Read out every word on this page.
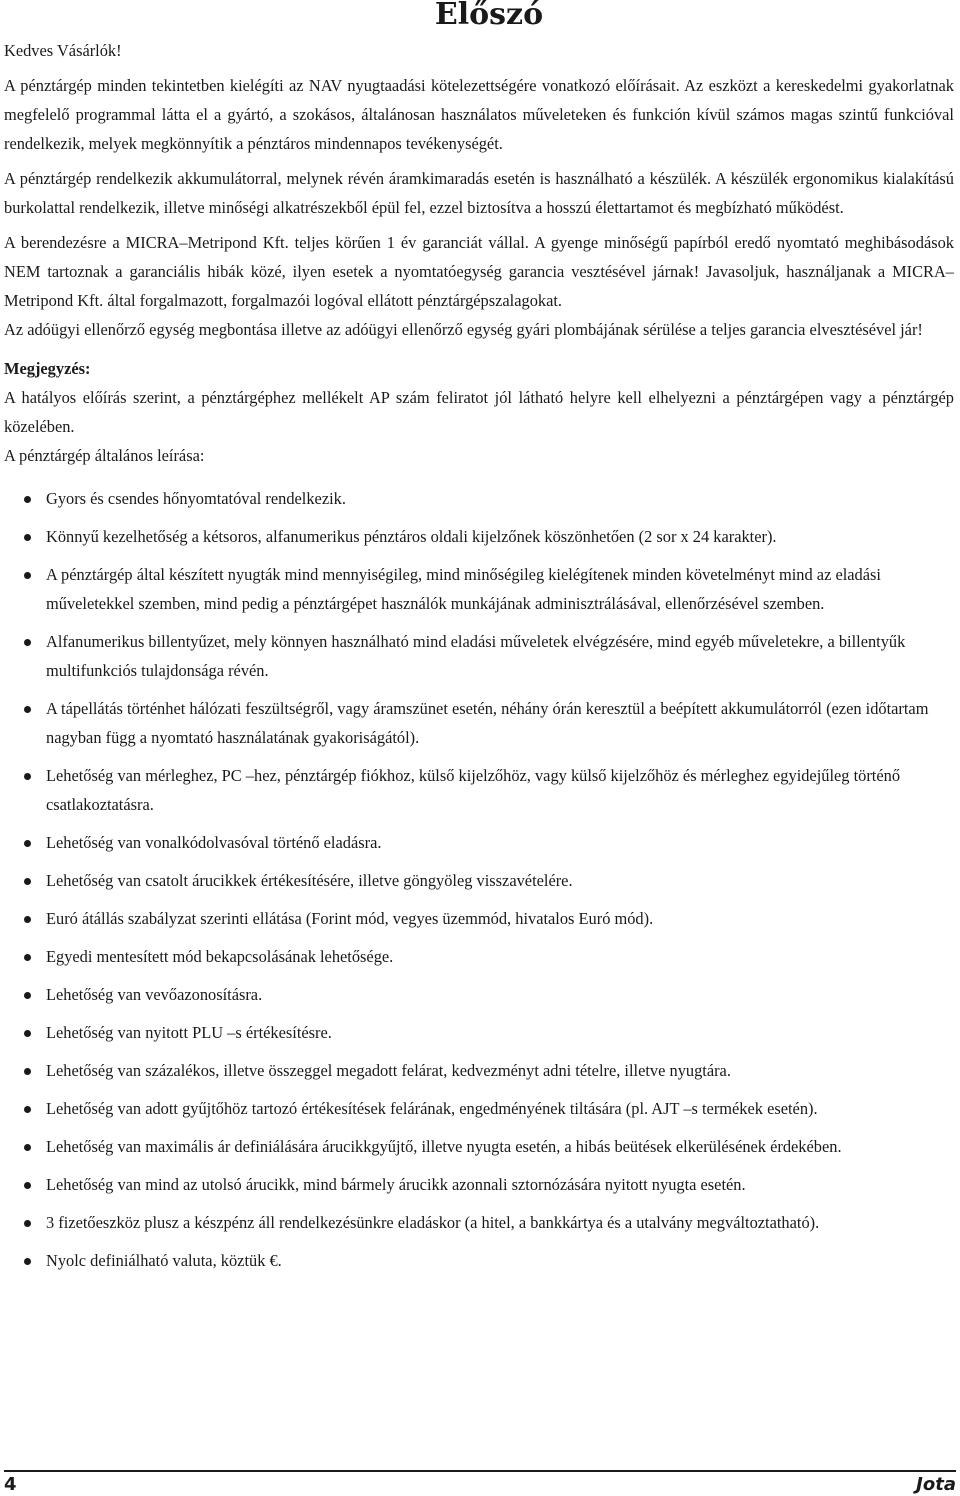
Előszó

Kedves Vásárlók!

A pénztárgép minden tekintetben kielégíti az NAV nyugtaadási kötelezettségére vonatkozó előírásait. Az eszközt a kereskedelmi gyakorlatnak megfelelő programmal látta el a gyártó, a szokásos, általánosan használatos műveleteken és funkción kívül számos magas szintű funkcióval rendelkezik, melyek megkönnyítik a pénztáros mindennapos tevékenységét.

A pénztárgép rendelkezik akkumulátorral, melynek révén áramkimaradás esetén is használható a készülék. A készülék ergonomikus kialakítású burkolattal rendelkezik, illetve minőségi alkatrészekből épül fel, ezzel biztosítva a hosszú élettartamot és megbízható működést.

A berendezésre a MICRA–Metripond Kft. teljes körűen 1 év garanciát vállal. A gyenge minőségű papírból eredő nyomtató meghibásodások NEM tartoznak a garanciális hibák közé, ilyen esetek a nyomtatóegység garancia vesztésével járnak! Javasoljuk, használjanak a MICRA–Metripond Kft. által forgalmazott, forgalmazói logóval ellátott pénztárgépszalagokat.

Az adóügyi ellenőrző egység megbontása illetve az adóügyi ellenőrző egység gyári plombájának sérülése a teljes garancia elvesztésével jár!

Megjegyzés:

A hatályos előírás szerint, a pénztárgéphez mellékelt AP szám feliratot jól látható helyre kell elhelyezni a pénztárgépen vagy a pénztárgép közelében.

A pénztárgép általános leírása:

Gyors és csendes hőnyomtatóval rendelkezik.
Könnyű kezelhetőség a kétsoros, alfanumerikus pénztáros oldali kijelzőnek köszönhetően (2 sor x 24 karakter).
A pénztárgép által készített nyugták mind mennyiségileg, mind minőségileg kielégítenek minden követelményt mind az eladási műveletekkel szemben, mind pedig a pénztárgépet használók munkájának adminisztrálásával, ellenőrzésével szemben.
Alfanumerikus billentyűzet, mely könnyen használható mind eladási műveletek elvégzésére, mind egyéb műveletekre, a billentyűk multifunkciós tulajdonsága révén.
A tápellátás történhet hálózati feszültségről, vagy áramszünet esetén, néhány órán keresztül a beépített akkumulátorról (ezen időtartam nagyban függ a nyomtató használatának gyakoriságától).
Lehetőség van mérleghez, PC –hez, pénztárgép fiókhoz, külső kijelzőhöz, vagy külső kijelzőhöz és mérleghez egyidejűleg történő csatlakoztatásra.
Lehetőség van vonalkódolvasóval történő eladásra.
Lehetőség van csatolt árucikkek értékesítésére, illetve göngyöleg visszavételére.
Euró átállás szabályzat szerinti ellátása (Forint mód, vegyes üzemmód, hivatalos Euró mód).
Egyedi mentesített mód bekapcsolásának lehetősége.
Lehetőség van vevőazonosításra.
Lehetőség van nyitott PLU –s értékesítésre.
Lehetőség van százalékos, illetve összeggel megadott felárat, kedvezményt adni tételre, illetve nyugtára.
Lehetőség van adott gyűjtőhöz tartozó értékesítések felárának, engedményének tiltására (pl. AJT –s termékek esetén).
Lehetőség van maximális ár definiálására árucikkgyűjtő, illetve nyugta esetén, a hibás beütések elkerülésének érdekében.
Lehetőség van mind az utolsó árucikk, mind bármely árucikk azonnali sztornózására nyitott nyugta esetén.
3 fizetőeszköz plusz a készpénz áll rendelkezésünkre eladáskor (a hitel, a bankkártya és a utalvány megváltoztatható).
Nyolc definiálható valuta, köztük €.
4	Jota
